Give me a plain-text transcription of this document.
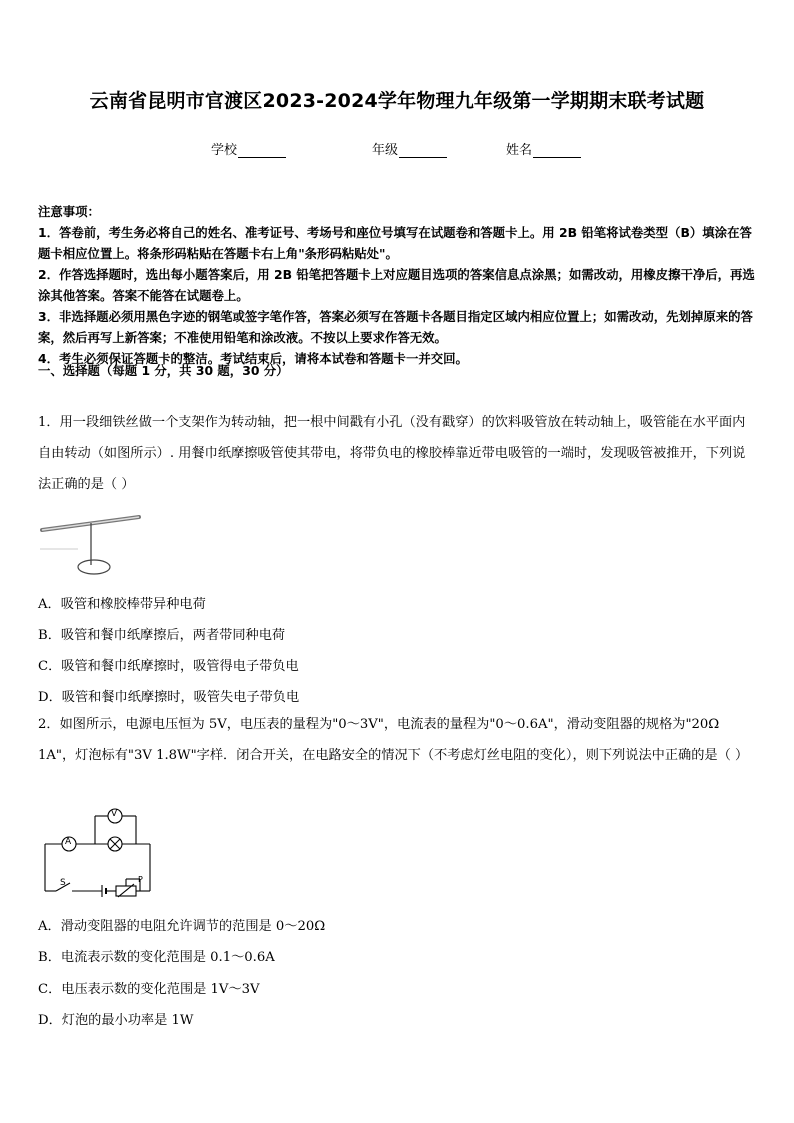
云南省昆明市官渡区2023-2024学年物理九年级第一学期期末联考试题
学校	年级	姓名

注意事项：

1．答卷前，考生务必将自己的姓名、准考证号、考场号和座位号填写在试题卷和答题卡上。用 2B 铅笔将试卷类型（B）填涂在答题卡相应位置上。将条形码粘贴在答题卡右上角"条形码粘贴处"。

2．作答选择题时，选出每小题答案后，用 2B 铅笔把答题卡上对应题目选项的答案信息点涂黑；如需改动，用橡皮擦干净后，再选涂其他答案。答案不能答在试题卷上。

3．非选择题必须用黑色字迹的钢笔或签字笔作答，答案必须写在答题卡各题目指定区域内相应位置上；如需改动，先划掉原来的答案，然后再写上新答案；不准使用铅笔和涂改液。不按以上要求作答无效。

4．考生必须保证答题卡的整洁。考试结束后，请将本试卷和答题卡一并交回。

一、选择题（每题 1 分，共 30 题，30 分）

1．用一段细铁丝做一个支架作为转动轴，把一根中间戳有小孔（没有戳穿）的饮料吸管放在转动轴上，吸管能在水平面内自由转动（如图所示）. 用餐巾纸摩擦吸管使其带电，将带负电的橡胶棒靠近带电吸管的一端时，发现吸管被推开，下列说法正确的是（ ）

A．吸管和橡胶棒带异种电荷
B．吸管和餐巾纸摩擦后，两者带同种电荷
C．吸管和餐巾纸摩擦时，吸管得电子带负电
D．吸管和餐巾纸摩擦时，吸管失电子带负电

2．如图所示，电源电压恒为 5V，电压表的量程为"0～3V"，电流表的量程为"0～0.6A"，滑动变阻器的规格为"20Ω 1A"，灯泡标有"3V 1.8W"字样．闭合开关，在电路安全的情况下（不考虑灯丝电阻的变化），则下列说法中正确的是（ ）

A
V
S	P
A．滑动变阻器的电阻允许调节的范围是 0～20Ω
B．电流表示数的变化范围是 0.1～0.6A
C．电压表示数的变化范围是 1V～3V
D．灯泡的最小功率是 1W
